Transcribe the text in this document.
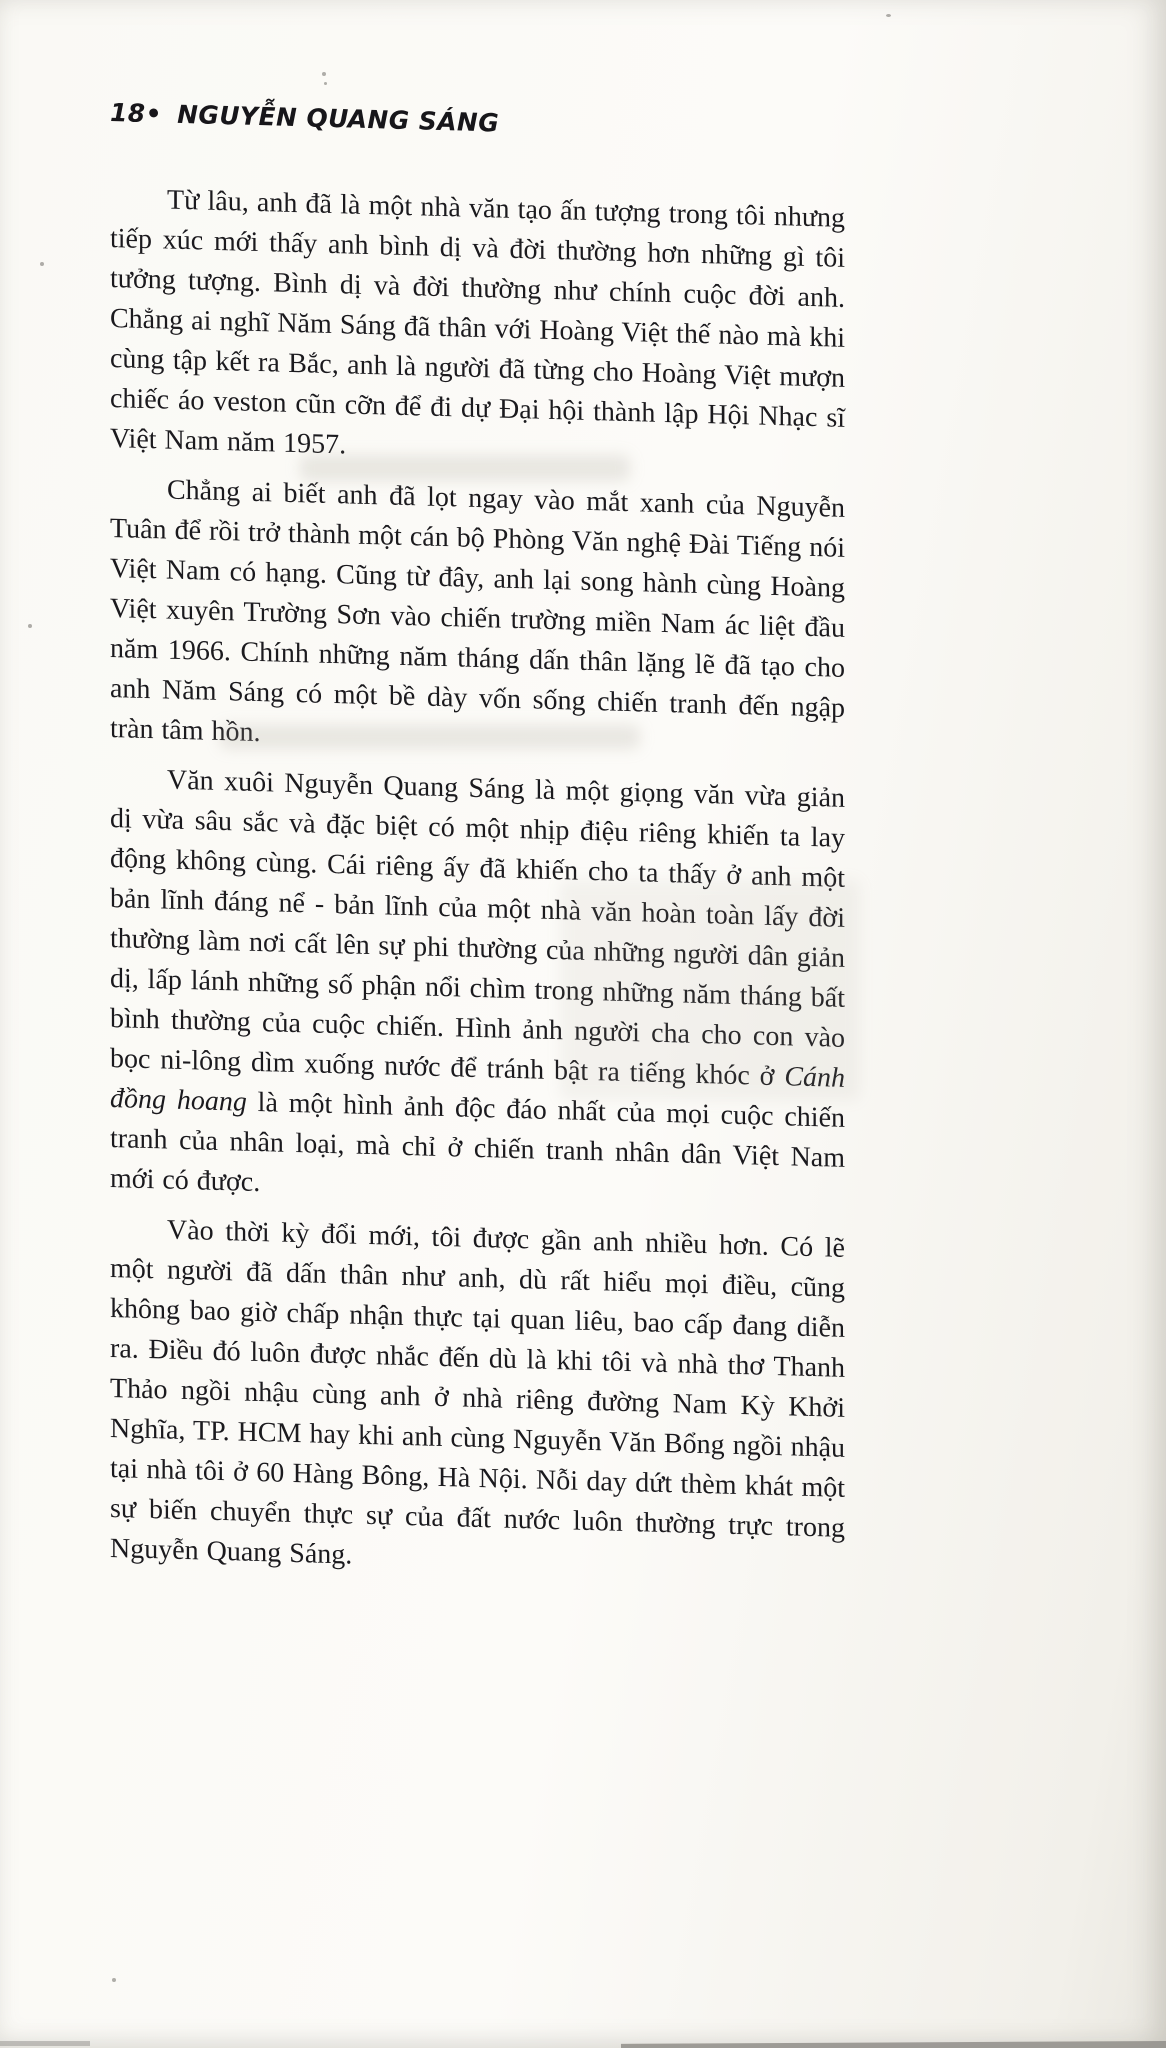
18• NGUYỄN QUANG SÁNG

Từ lâu, anh đã là một nhà văn tạo ấn tượng trong tôi nhưng tiếp xúc mới thấy anh bình dị và đời thường hơn những gì tôi tưởng tượng. Bình dị và đời thường như chính cuộc đời anh. Chẳng ai nghĩ Năm Sáng đã thân với Hoàng Việt thế nào mà khi cùng tập kết ra Bắc, anh là người đã từng cho Hoàng Việt mượn chiếc áo veston cũn cỡn để đi dự Đại hội thành lập Hội Nhạc sĩ Việt Nam năm 1957.

Chẳng ai biết anh đã lọt ngay vào mắt xanh của Nguyễn Tuân để rồi trở thành một cán bộ Phòng Văn nghệ Đài Tiếng nói Việt Nam có hạng. Cũng từ đây, anh lại song hành cùng Hoàng Việt xuyên Trường Sơn vào chiến trường miền Nam ác liệt đầu năm 1966. Chính những năm tháng dấn thân lặng lẽ đã tạo cho anh Năm Sáng có một bề dày vốn sống chiến tranh đến ngập tràn tâm hồn.

Văn xuôi Nguyễn Quang Sáng là một giọng văn vừa giản dị vừa sâu sắc và đặc biệt có một nhịp điệu riêng khiến ta lay động không cùng. Cái riêng ấy đã khiến cho ta thấy ở anh một bản lĩnh đáng nể - bản lĩnh của một nhà văn hoàn toàn lấy đời thường làm nơi cất lên sự phi thường của những người dân giản dị, lấp lánh những số phận nổi chìm trong những năm tháng bất bình thường của cuộc chiến. Hình ảnh người cha cho con vào bọc ni-lông dìm xuống nước để tránh bật ra tiếng khóc ở Cánh đồng hoang là một hình ảnh độc đáo nhất của mọi cuộc chiến tranh của nhân loại, mà chỉ ở chiến tranh nhân dân Việt Nam mới có được.

Vào thời kỳ đổi mới, tôi được gần anh nhiều hơn. Có lẽ một người đã dấn thân như anh, dù rất hiểu mọi điều, cũng không bao giờ chấp nhận thực tại quan liêu, bao cấp đang diễn ra. Điều đó luôn được nhắc đến dù là khi tôi và nhà thơ Thanh Thảo ngồi nhậu cùng anh ở nhà riêng đường Nam Kỳ Khởi Nghĩa, TP. HCM hay khi anh cùng Nguyễn Văn Bổng ngồi nhậu tại nhà tôi ở 60 Hàng Bông, Hà Nội. Nỗi day dứt thèm khát một sự biến chuyển thực sự của đất nước luôn thường trực trong Nguyễn Quang Sáng.
